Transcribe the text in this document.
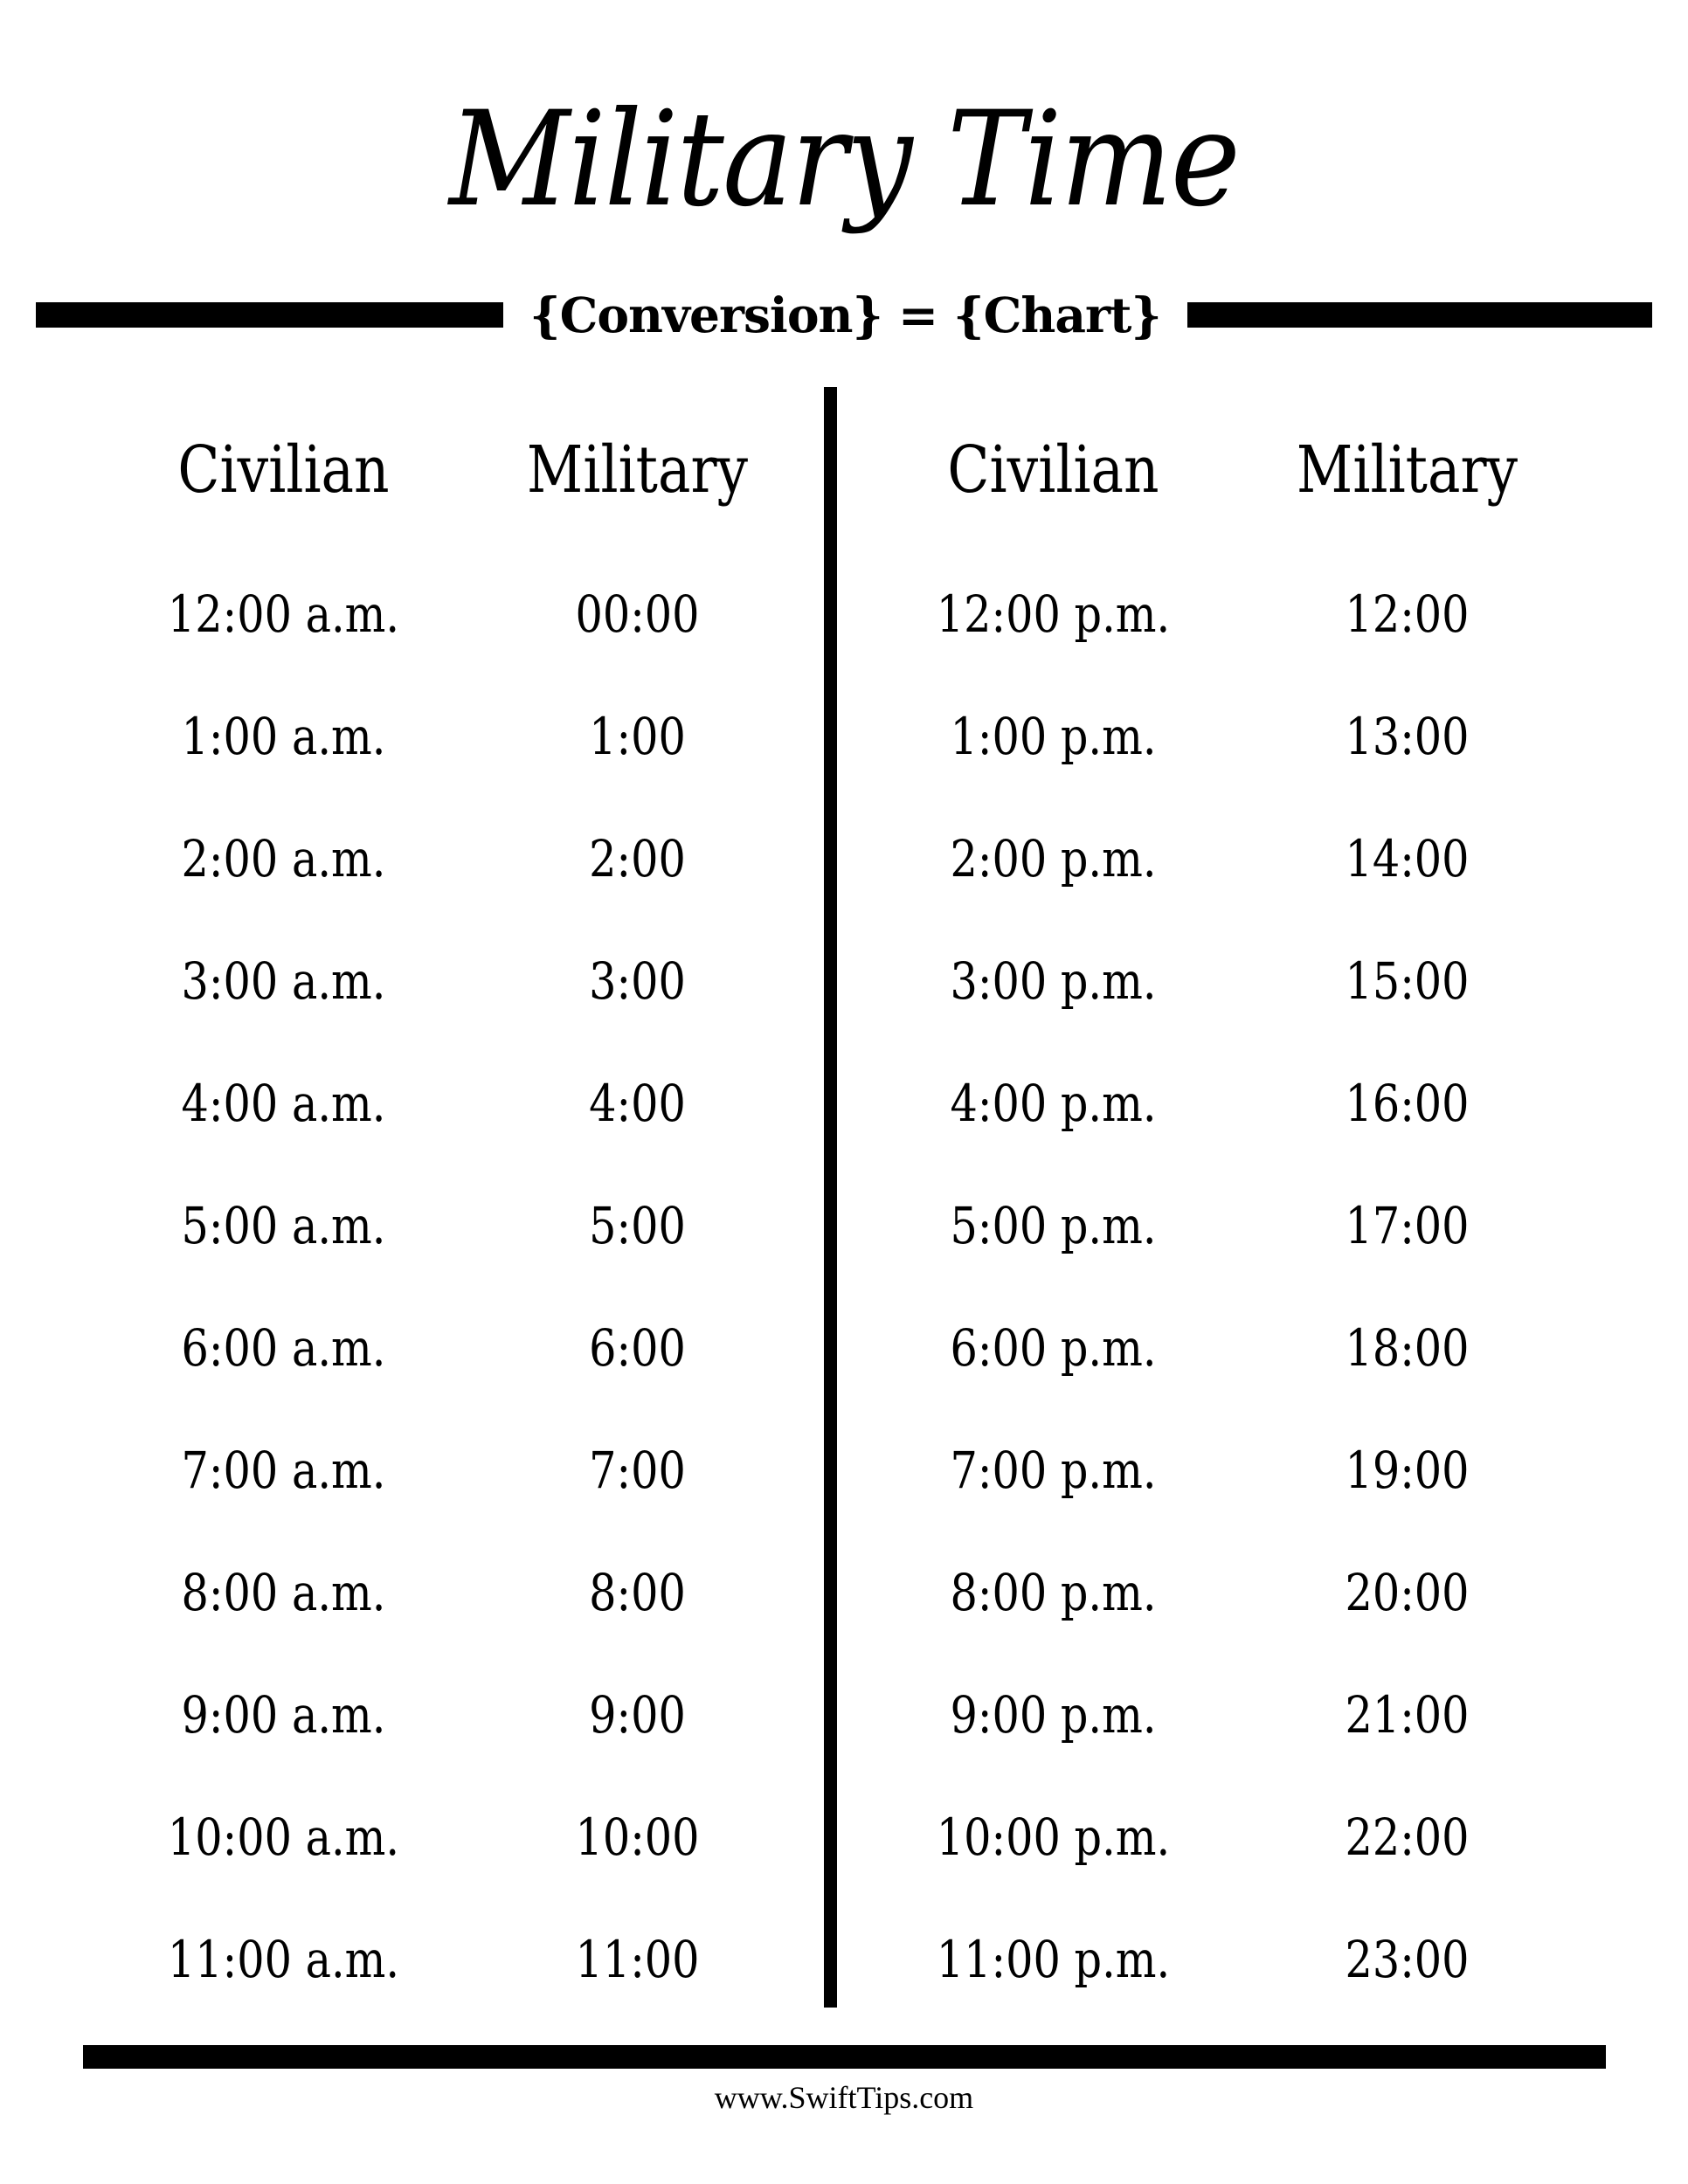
Military Time
{Conversion} = {Chart}
Civilian	Military
12:00 a.m.	00:00
1:00 a.m.	1:00
2:00 a.m.	2:00
3:00 a.m.	3:00
4:00 a.m.	4:00
5:00 a.m.	5:00
6:00 a.m.	6:00
7:00 a.m.	7:00
8:00 a.m.	8:00
9:00 a.m.	9:00
10:00 a.m.	10:00
11:00 a.m.	11:00
Civilian	Military
12:00 p.m.	12:00
1:00 p.m.	13:00
2:00 p.m.	14:00
3:00 p.m.	15:00
4:00 p.m.	16:00
5:00 p.m.	17:00
6:00 p.m.	18:00
7:00 p.m.	19:00
8:00 p.m.	20:00
9:00 p.m.	21:00
10:00 p.m.	22:00
11:00 p.m.	23:00
www.SwiftTips.com
